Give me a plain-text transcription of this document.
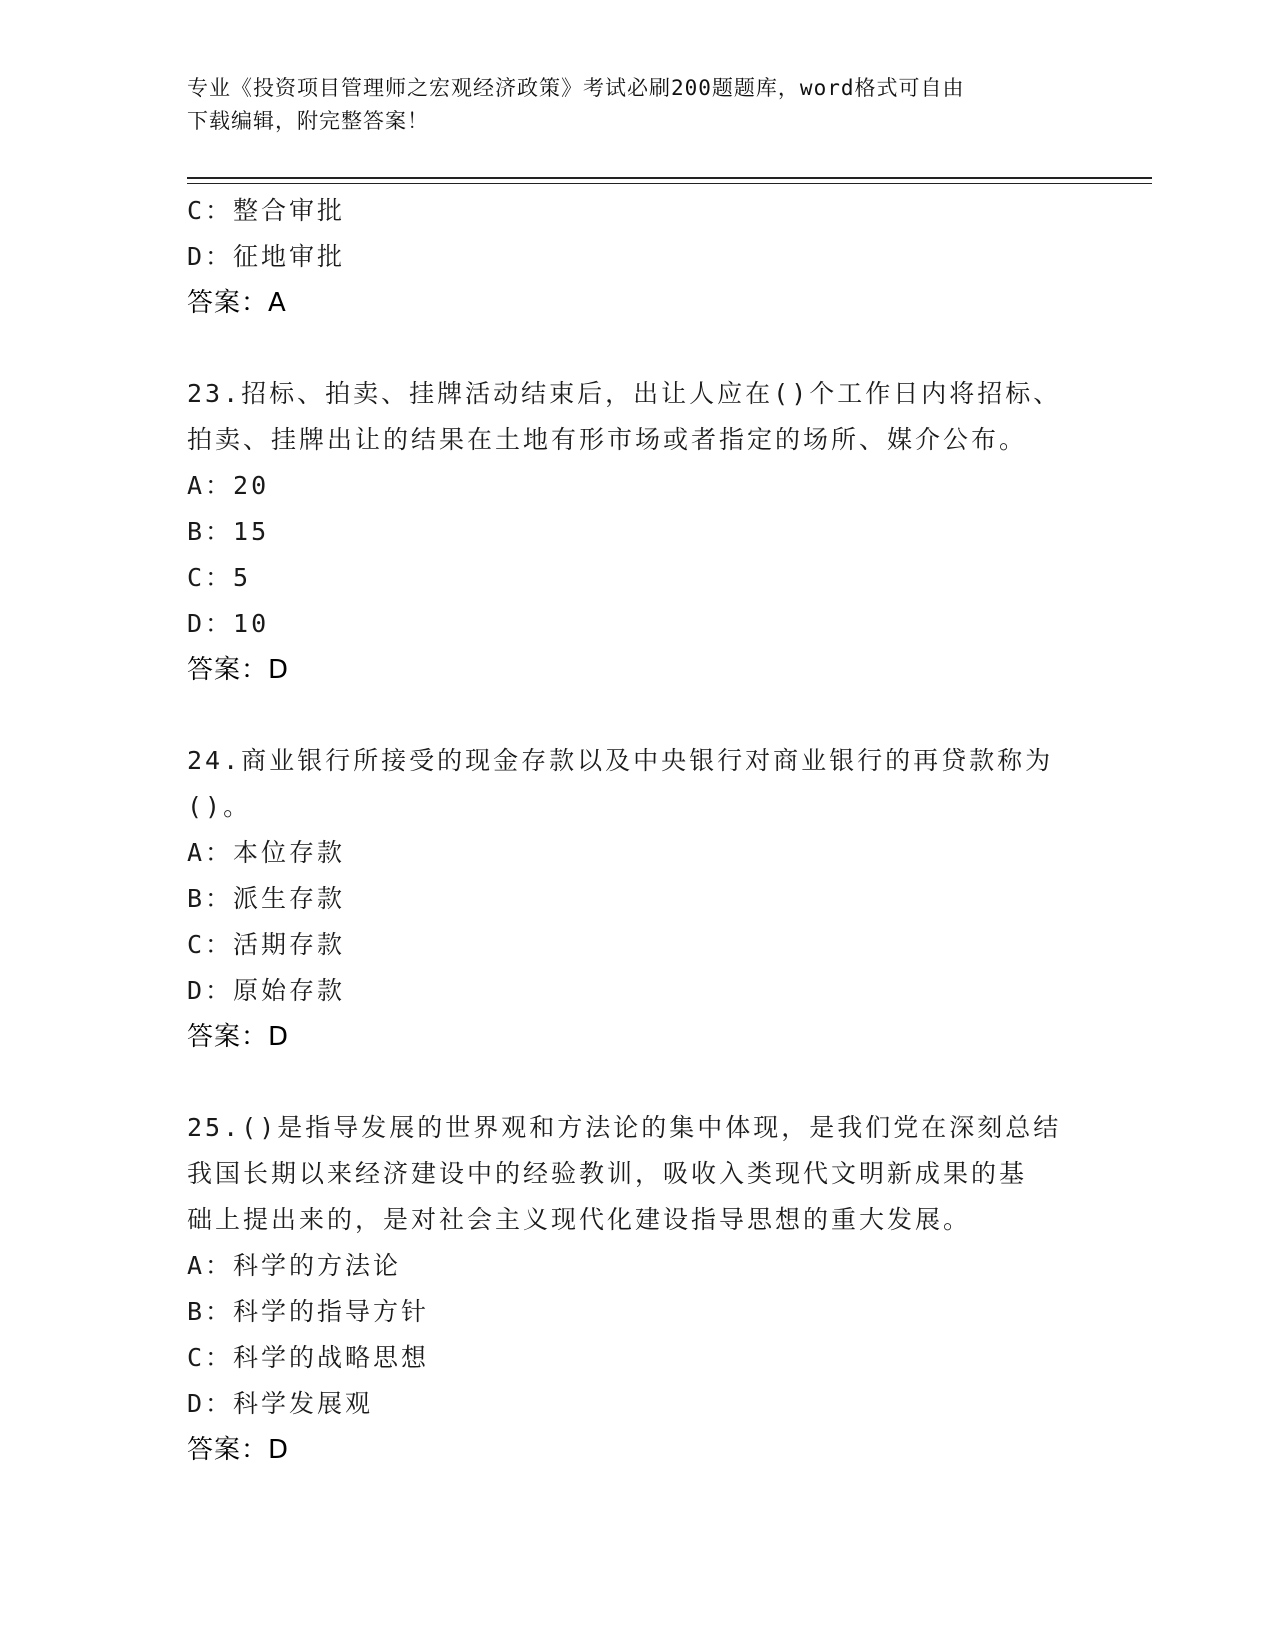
专业《投资项目管理师之宏观经济政策》考试必刷200题题库，word格式可自由
下载编辑，附完整答案！
C：整合审批
D：征地审批
答案：A
23.招标、拍卖、挂牌活动结束后，出让人应在()个工作日内将招标、
拍卖、挂牌出让的结果在土地有形市场或者指定的场所、媒介公布。
A：20
B：15
C：5
D：10
答案：D
24.商业银行所接受的现金存款以及中央银行对商业银行的再贷款称为
()。
A：本位存款
B：派生存款
C：活期存款
D：原始存款
答案：D
25.()是指导发展的世界观和方法论的集中体现，是我们党在深刻总结
我国长期以来经济建设中的经验教训，吸收入类现代文明新成果的基
础上提出来的，是对社会主义现代化建设指导思想的重大发展。
A：科学的方法论
B：科学的指导方针
C：科学的战略思想
D：科学发展观
答案：D
